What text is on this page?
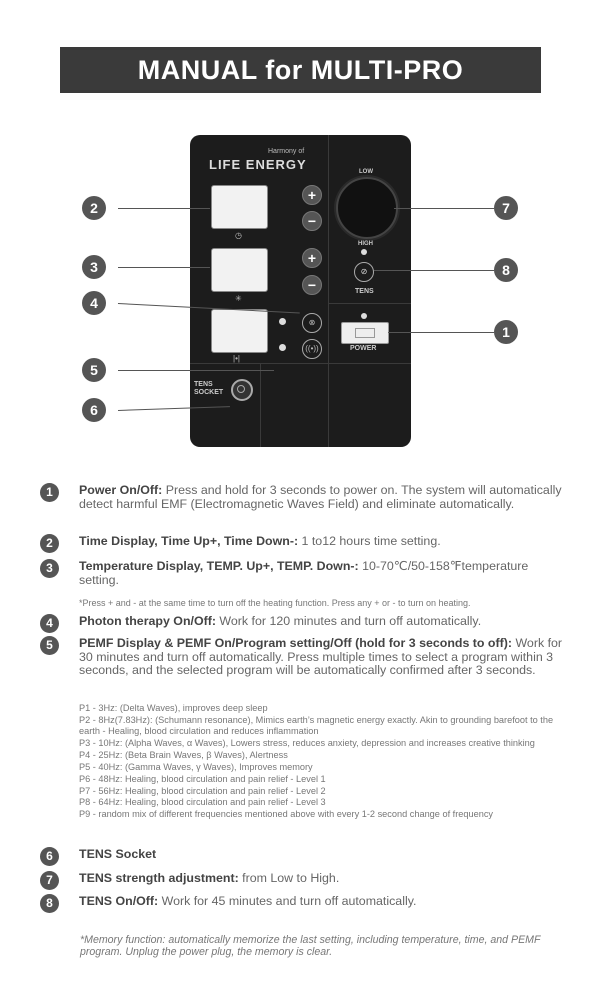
MANUAL for MULTI-PRO
Harmony of
LIFE ENERGY
◷
✳
|•|
+
−
+
−
⊗
((•))
LOW
HIGH
⊘
TENS
POWER
TENS SOCKET
2
3
4
5
6
7
8
1
1	Power On/Off: Press and hold for 3 seconds to power on. The system will automatically detect harmful EMF (Electromagnetic Waves Field) and eliminate automatically.
2	Time Display, Time Up+, Time Down-: 1 to12 hours time setting.
3	Temperature Display, TEMP. Up+, TEMP. Down-: 10-70℃/50-158℉temperature setting.
*Press + and - at the same time to turn off the heating function. Press any + or - to turn on heating.
4	Photon therapy On/Off: Work for 120 minutes and turn off automatically.
5	PEMF Display & PEMF On/Program setting/Off (hold for 3 seconds to off): Work for 30 minutes and turn off automatically. Press multiple times to select a program within 3 seconds, and the selected program will be automatically confirmed after 3 seconds.
P1 - 3Hz: (Delta Waves), improves deep sleep
P2 - 8Hz(7.83Hz): (Schumann resonance), Mimics earth’s magnetic energy exactly. Akin to grounding barefoot to the earth - Healing, blood circulation and reduces inflammation
P3 - 10Hz: (Alpha Waves, α Waves), Lowers stress, reduces anxiety, depression and increases creative thinking
P4 - 25Hz: (Beta Brain Waves, β Waves), Alertness
P5 - 40Hz: (Gamma Waves, γ Waves), Improves memory
P6 - 48Hz: Healing, blood circulation and pain relief - Level 1
P7 - 56Hz: Healing, blood circulation and pain relief - Level 2
P8 - 64Hz: Healing, blood circulation and pain relief - Level 3
P9 - random mix of different frequencies mentioned above with every 1-2 second change of frequency
6	TENS Socket
7	TENS strength adjustment: from Low to High.
8	TENS On/Off: Work for 45 minutes and turn off automatically.
*Memory function: automatically memorize the last setting, including temperature, time, and PEMF program. Unplug the power plug, the memory is clear.
